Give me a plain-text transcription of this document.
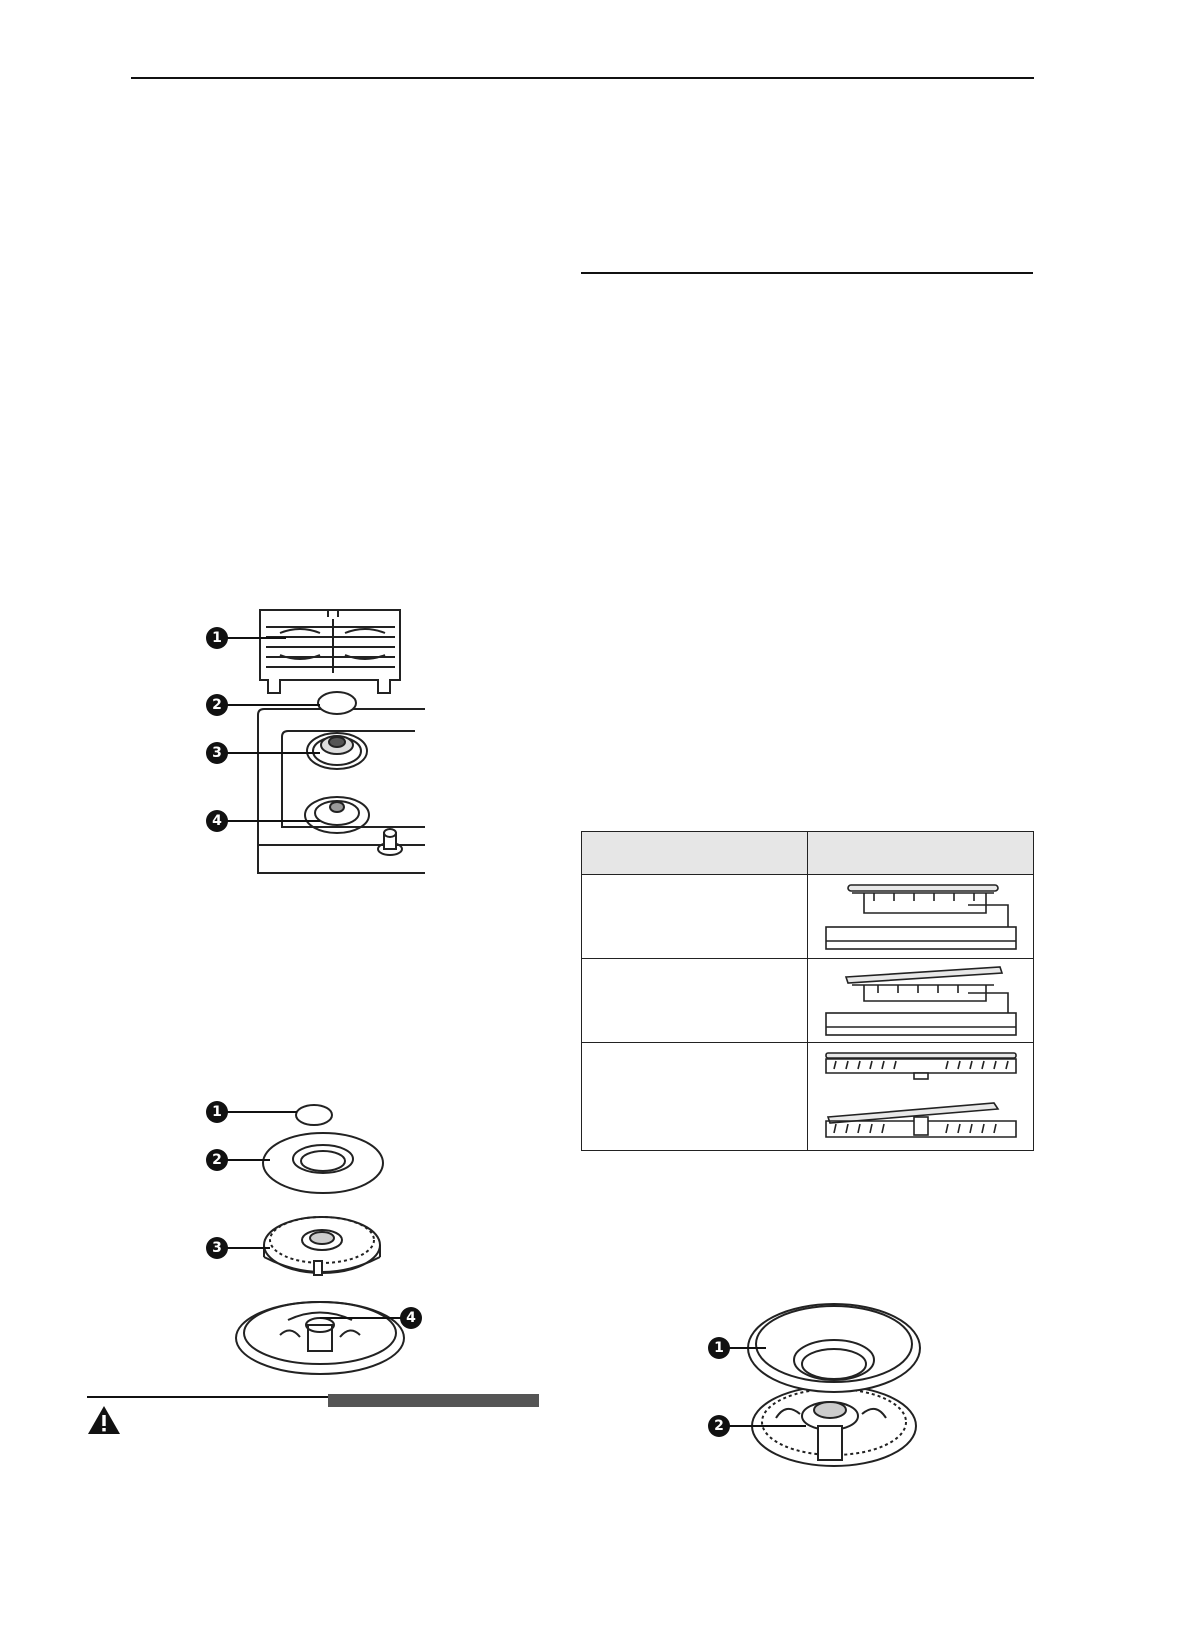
1
2
3
4
1
2
3
4

1
2
